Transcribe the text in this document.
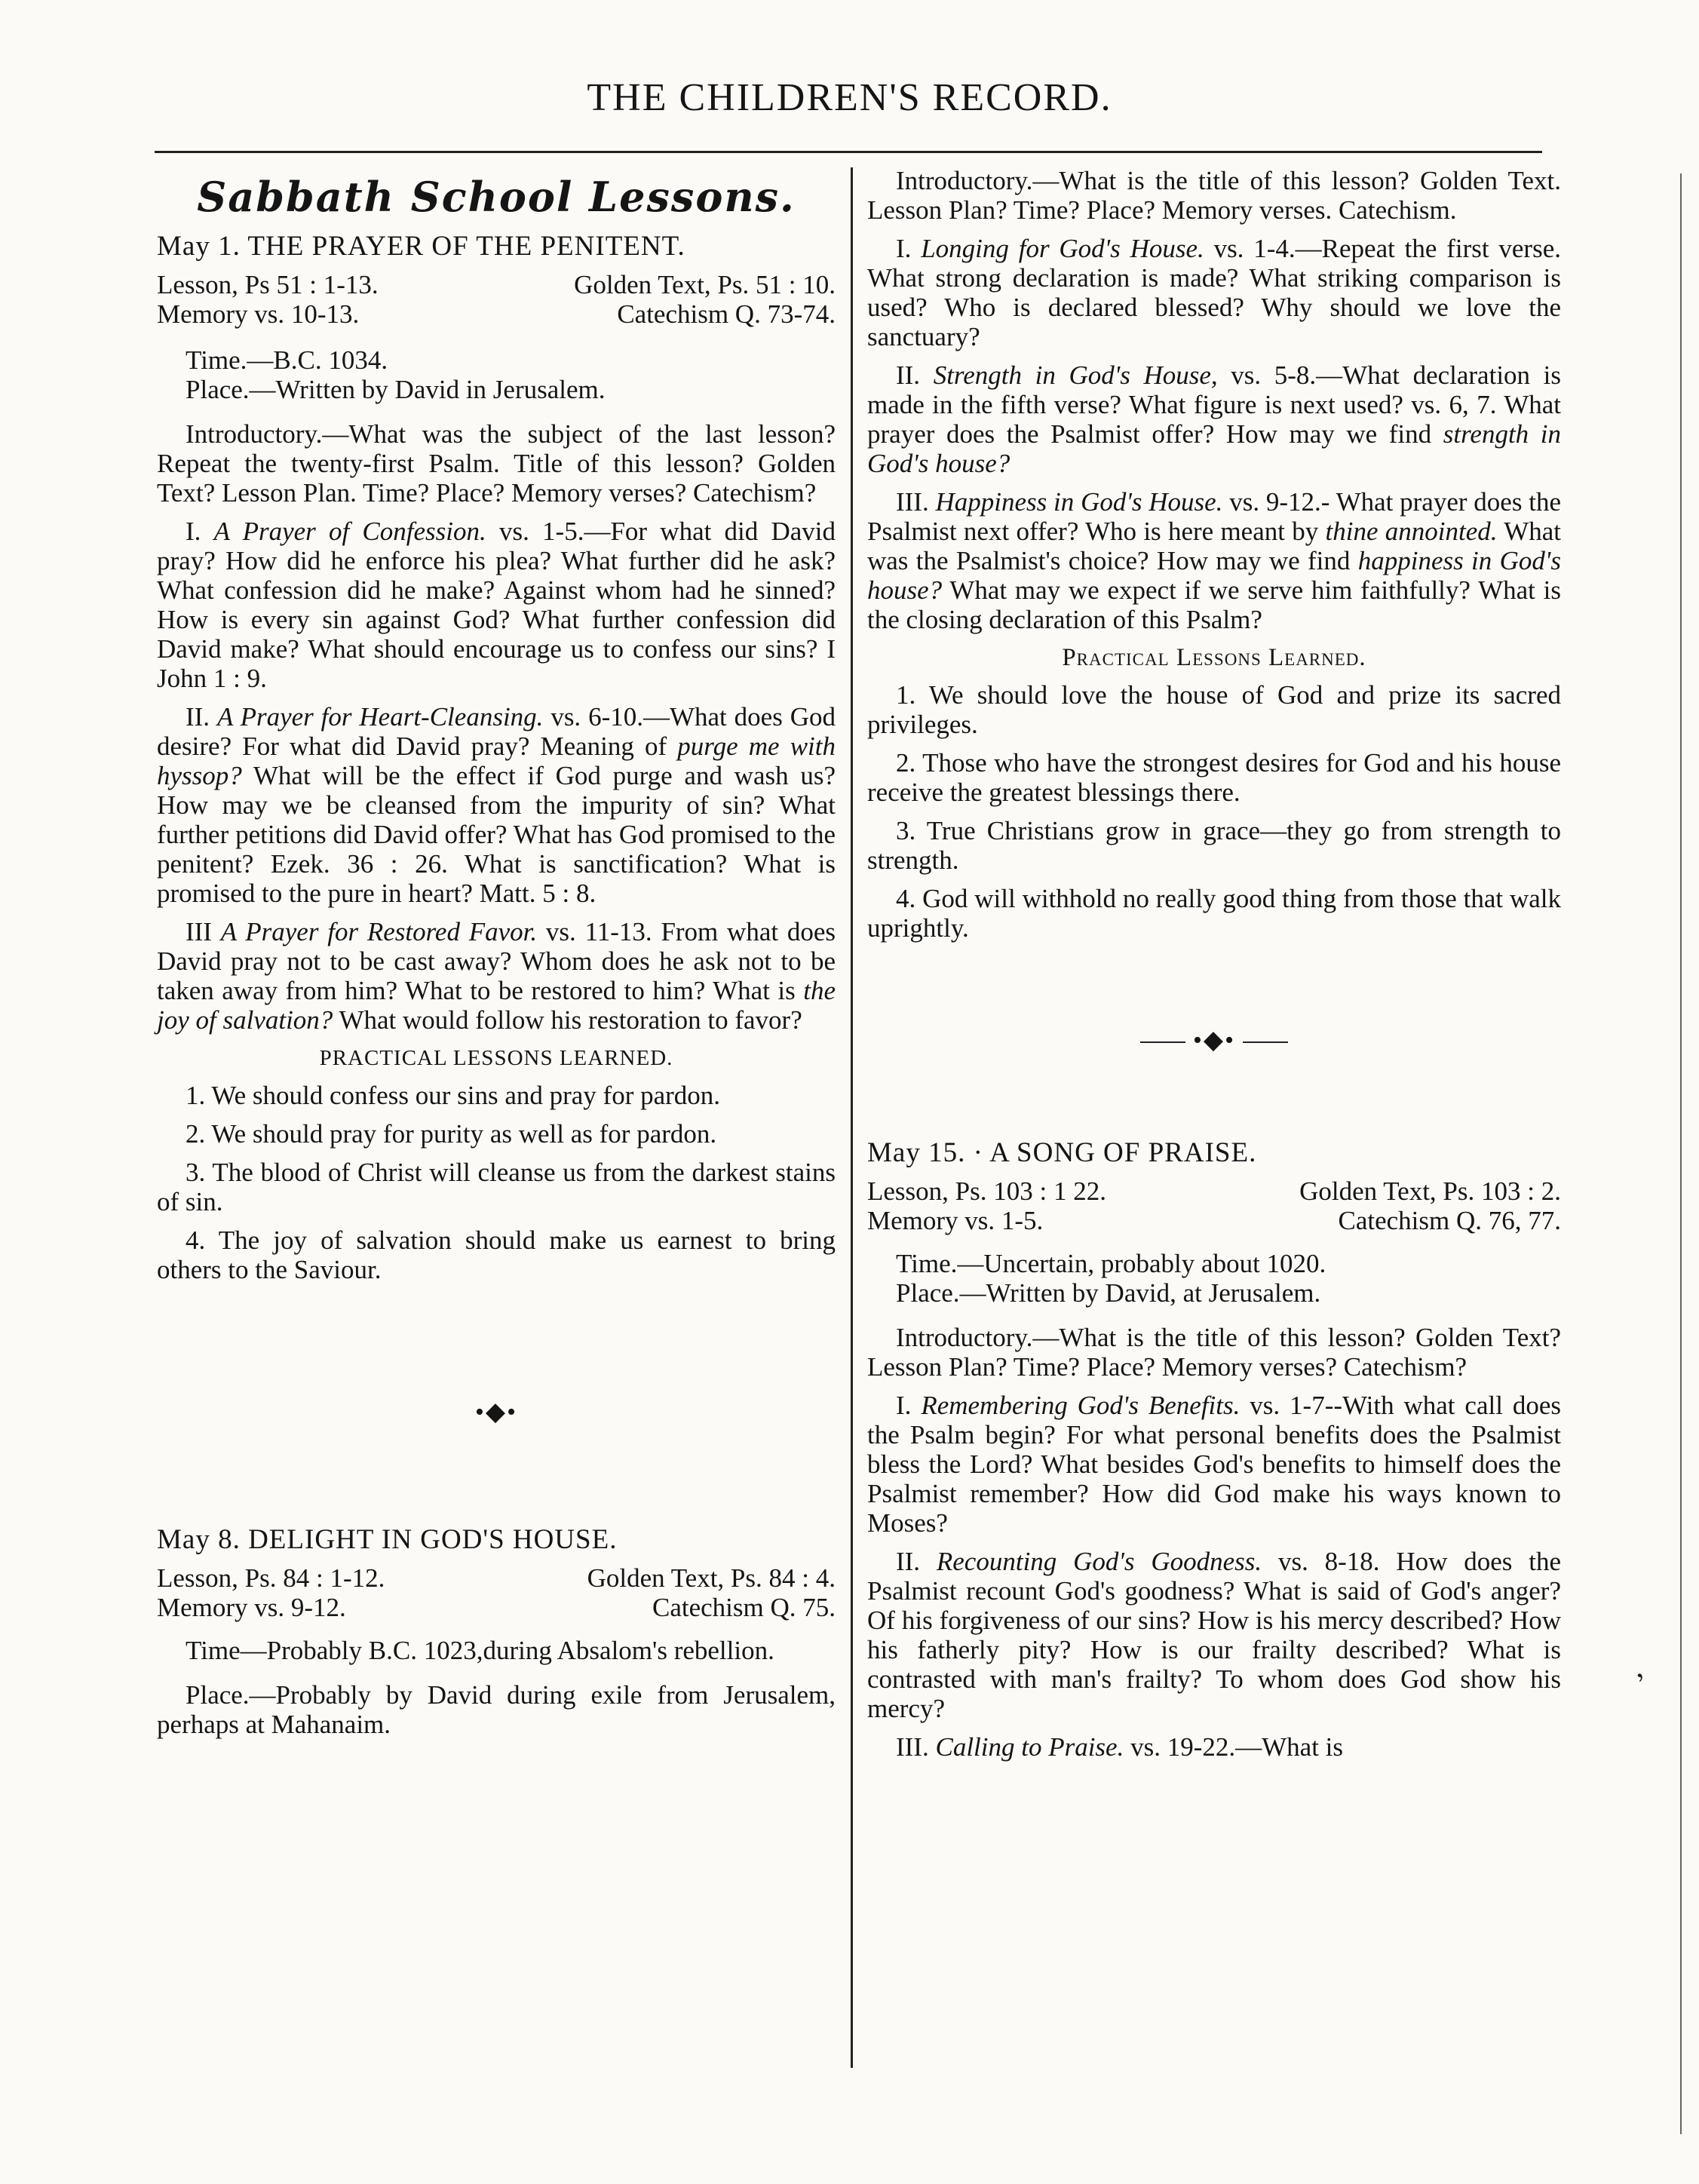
THE CHILDREN'S RECORD.
ʼ
Sabbath School Lessons.

May 1. THE PRAYER OF THE PENITENT.

Lesson, Ps 51 : 1-13.	Golden Text, Ps. 51 : 10.
Memory vs. 10-13.	Catechism Q. 73-74.

Time.—B.C. 1034.

Place.—Written by David in Jerusalem.

Introductory.—What was the subject of the last lesson? Repeat the twenty-first Psalm. Title of this lesson? Golden Text? Lesson Plan. Time? Place? Memory verses? Catechism?

I. A Prayer of Confession. vs. 1-5.—For what did David pray? How did he enforce his plea? What further did he ask? What confession did he make? Against whom had he sinned? How is every sin against God? What further confession did David make? What should encourage us to confess our sins? I John 1 : 9.

II. A Prayer for Heart-Cleansing. vs. 6-10.—What does God desire? For what did David pray? Meaning of purge me with hyssop? What will be the effect if God purge and wash us? How may we be cleansed from the impurity of sin? What further petitions did David offer? What has God promised to the penitent? Ezek. 36 : 26. What is sanctification? What is promised to the pure in heart? Matt. 5 : 8.

III A Prayer for Restored Favor. vs. 11-13. From what does David pray not to be cast away? Whom does he ask not to be taken away from him? What to be restored to him? What is the joy of salvation? What would follow his restoration to favor?

PRACTICAL LESSONS LEARNED.

1. We should confess our sins and pray for pardon.

2. We should pray for purity as well as for pardon.

3. The blood of Christ will cleanse us from the darkest stains of sin.

4. The joy of salvation should make us earnest to bring others to the Saviour.

•◆•

May 8. DELIGHT IN GOD'S HOUSE.

Lesson, Ps. 84 : 1-12.	Golden Text, Ps. 84 : 4.
Memory vs. 9-12.	Catechism Q. 75.

Time—Probably B.C. 1023,during Absalom's rebellion.

Place.—Probably by David during exile from Jerusalem, perhaps at Mahanaim.

Introductory.—What is the title of this lesson? Golden Text. Lesson Plan? Time? Place? Memory verses. Catechism.

I. Longing for God's House. vs. 1-4.—Repeat the first verse. What strong declaration is made? What striking comparison is used? Who is declared blessed? Why should we love the sanctuary?

II. Strength in God's House, vs. 5-8.—What declaration is made in the fifth verse? What figure is next used? vs. 6, 7. What prayer does the Psalmist offer? How may we find strength in God's house?

III. Happiness in God's House. vs. 9-12.- What prayer does the Psalmist next offer? Who is here meant by thine annointed. What was the Psalmist's choice? How may we find happiness in God's house? What may we expect if we serve him faithfully? What is the closing declaration of this Psalm?

Practical Lessons Learned.

1. We should love the house of God and prize its sacred privileges.

2. Those who have the strongest desires for God and his house receive the greatest blessings there.

3. True Christians grow in grace—they go from strength to strength.

4. God will withhold no really good thing from those that walk uprightly.

•◆•

May 15. · A SONG OF PRAISE.

Lesson, Ps. 103 : 1 22.	Golden Text, Ps. 103 : 2.
Memory vs. 1-5.	Catechism Q. 76, 77.

Time.—Uncertain, probably about 1020.

Place.—Written by David, at Jerusalem.

Introductory.—What is the title of this lesson? Golden Text? Lesson Plan? Time? Place? Memory verses? Catechism?

I. Remembering God's Benefits. vs. 1-7--With what call does the Psalm begin? For what personal benefits does the Psalmist bless the Lord? What besides God's benefits to himself does the Psalmist remember? How did God make his ways known to Moses?

II. Recounting God's Goodness. vs. 8-18. How does the Psalmist recount God's goodness? What is said of God's anger? Of his forgiveness of our sins? How is his mercy described? How his fatherly pity? How is our frailty described? What is contrasted with man's frailty? To whom does God show his mercy?

III. Calling to Praise. vs. 19-22.—What is
